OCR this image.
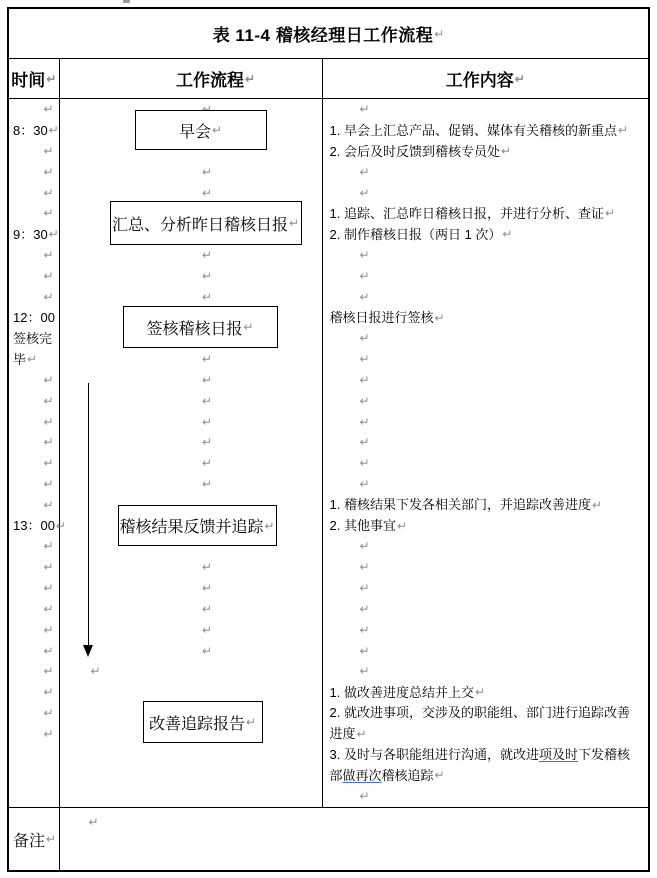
表 11-4 稽核经理日工作流程 ↵
时间 ↵	工作流程 ↵	工作内容 ↵
↵
8：30 ↵
↵
↵
↵
↵
9：30 ↵
↵
↵
↵
12：00
签核完
毕 ↵
↵
↵
↵
↵
↵
↵
↵
13：00 ↵
↵
↵
↵
↵
↵
↵
↵
↵
↵
↵
早会 ↵
汇总、分析昨日稽核日报 ↵
签核稽核日报 ↵
稽核结果反馈并追踪 ↵
改善追踪报告 ↵
↵
↵
↵
↵
↵
↵
↵
↵
↵
↵
↵
↵
↵
↵
↵
↵
↵
↵
↵
1. 早会上汇总产品、促销、媒体有关稽核的新重点 ↵
2. 会后及时反馈到稽核专员处 ↵
↵
↵
1. 追踪、汇总昨日稽核日报，并进行分析、查证 ↵
2. 制作稽核日报（两日 1 次） ↵
↵
↵
↵
稽核日报进行签核 ↵
↵
↵
↵
↵
↵
↵
↵
↵
1. 稽核结果下发各相关部门，并追踪改善进度 ↵
2. 其他事宜 ↵
↵
↵
↵
↵
↵
↵
↵
1. 做改善进度总结并上交 ↵
2. 就改进事项，交涉及的职能组、部门进行追踪改善
进度 ↵
3. 及时与各职能组进行沟通，就改进 项及时 下发稽核
部 做再次 稽核追踪 ↵
↵
备注 ↵
↵
